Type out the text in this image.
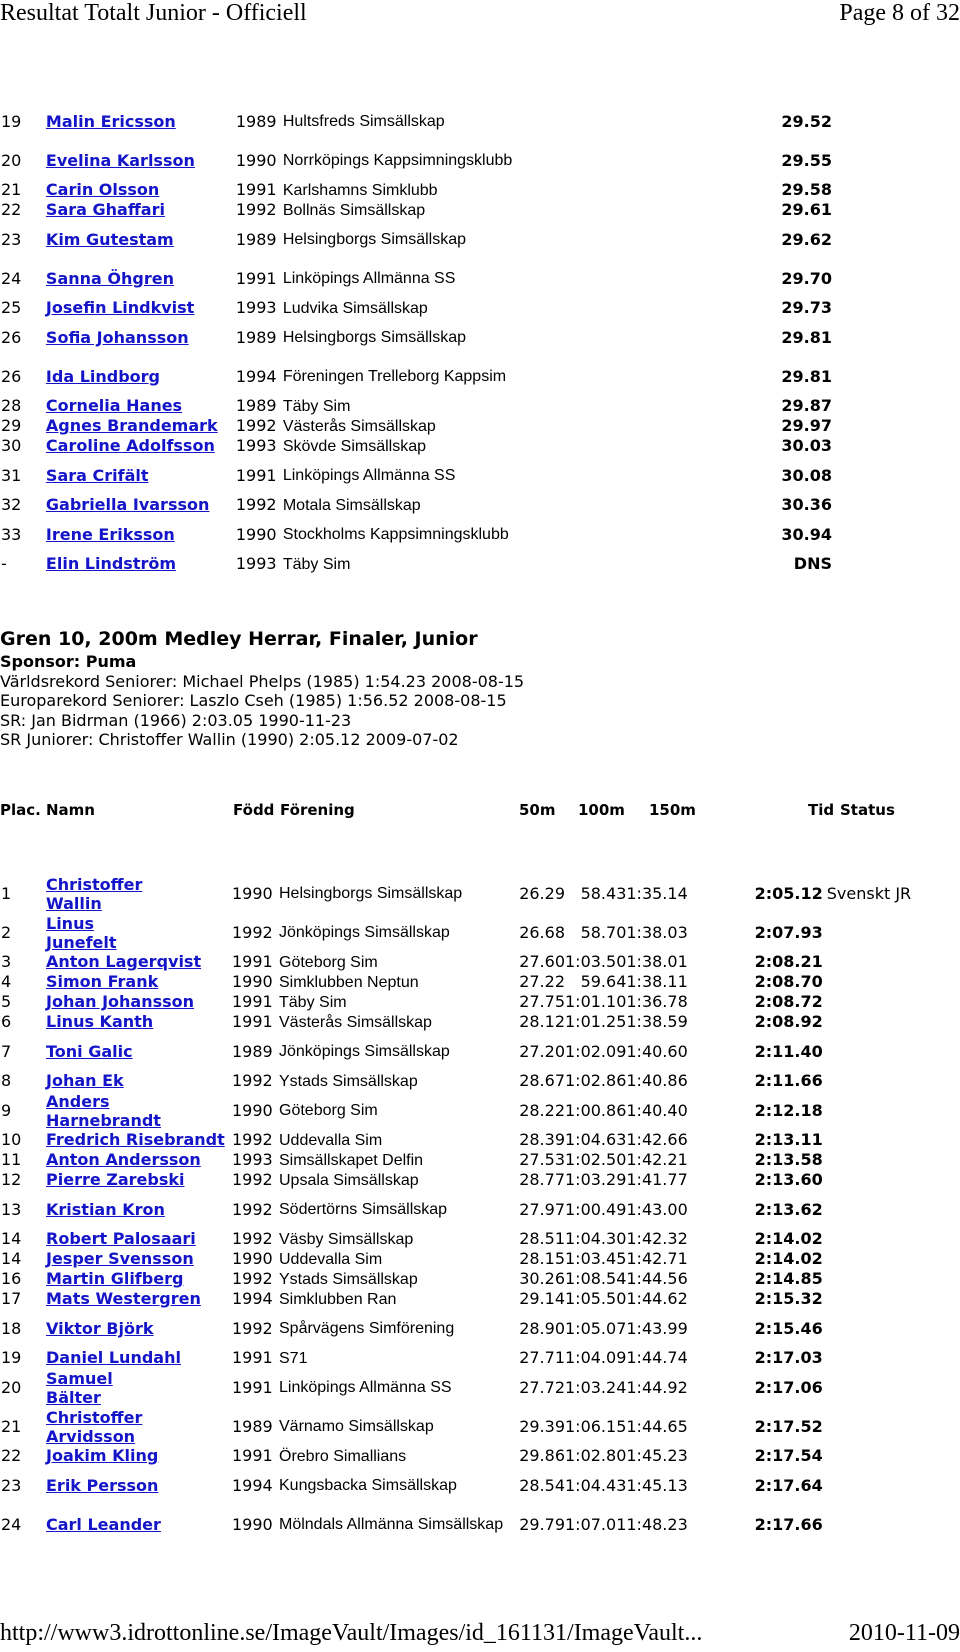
Resultat Totalt Junior - Officiell	Page 8 of 32
19	Malin Ericsson	1989	Hultsfreds Simsällskap		29.52
20	Evelina Karlsson	1990	Norrköpings Kappsimningsklubb		29.55
21	Carin Olsson	1991	Karlshamns Simklubb		29.58
22	Sara Ghaffari	1992	Bollnäs Simsällskap		29.61
23	Kim Gutestam	1989	Helsingborgs Simsällskap		29.62
24	Sanna Öhgren	1991	Linköpings Allmänna SS		29.70
25	Josefin Lindkvist	1993	Ludvika Simsällskap		29.73
26	Sofia Johansson	1989	Helsingborgs Simsällskap		29.81
26	Ida Lindborg	1994	Föreningen Trelleborg Kappsim		29.81
28	Cornelia Hanes	1989	Täby Sim		29.87
29	Agnes Brandemark	1992	Västerås Simsällskap		29.97
30	Caroline Adolfsson	1993	Skövde Simsällskap		30.03
31	Sara Crifält	1991	Linköpings Allmänna SS		30.08
32	Gabriella Ivarsson	1992	Motala Simsällskap		30.36
33	Irene Eriksson	1990	Stockholms Kappsimningsklubb		30.94
-	Elin Lindström	1993	Täby Sim		DNS
Gren 10, 200m Medley Herrar, Finaler, Junior
Sponsor: Puma
Världsrekord Seniorer: Michael Phelps (1985) 1:54.23 2008-08-15
Europarekord Seniorer: Laszlo Cseh (1985) 1:56.52 2008-08-15
SR: Jan Bidrman (1966) 2:03.05 1990-11-23
SR Juniorer: Christoffer Wallin (1990) 2:05.12 2009-07-02
Plac. Namn	Född Förening	50m 100m 150m	Tid Status
1	Christoffer Wallin	1990	Helsingborgs Simsällskap	26.29	58.43	1:35.14	2:05.12	Svenskt JR
2	Linus Junefelt	1992	Jönköpings Simsällskap	26.68	58.70	1:38.03	2:07.93	
3	Anton Lagerqvist	1991	Göteborg Sim	27.60	1:03.50	1:38.01	2:08.21	
4	Simon Frank	1990	Simklubben Neptun	27.22	59.64	1:38.11	2:08.70	
5	Johan Johansson	1991	Täby Sim	27.75	1:01.10	1:36.78	2:08.72	
6	Linus Kanth	1991	Västerås Simsällskap	28.12	1:01.25	1:38.59	2:08.92	
7	Toni Galic	1989	Jönköpings Simsällskap	27.20	1:02.09	1:40.60	2:11.40	
8	Johan Ek	1992	Ystads Simsällskap	28.67	1:02.86	1:40.86	2:11.66	
9	Anders Harnebrandt	1990	Göteborg Sim	28.22	1:00.86	1:40.40	2:12.18	
10	Fredrich Risebrandt	1992	Uddevalla Sim	28.39	1:04.63	1:42.66	2:13.11	
11	Anton Andersson	1993	Simsällskapet Delfin	27.53	1:02.50	1:42.21	2:13.58	
12	Pierre Zarebski	1992	Upsala Simsällskap	28.77	1:03.29	1:41.77	2:13.60	
13	Kristian Kron	1992	Södertörns Simsällskap	27.97	1:00.49	1:43.00	2:13.62	
14	Robert Palosaari	1992	Väsby Simsällskap	28.51	1:04.30	1:42.32	2:14.02	
14	Jesper Svensson	1990	Uddevalla Sim	28.15	1:03.45	1:42.71	2:14.02	
16	Martin Glifberg	1992	Ystads Simsällskap	30.26	1:08.54	1:44.56	2:14.85	
17	Mats Westergren	1994	Simklubben Ran	29.14	1:05.50	1:44.62	2:15.32	
18	Viktor Björk	1992	Spårvägens Simförening	28.90	1:05.07	1:43.99	2:15.46	
19	Daniel Lundahl	1991	S71	27.71	1:04.09	1:44.74	2:17.03	
20	Samuel Bälter	1991	Linköpings Allmänna SS	27.72	1:03.24	1:44.92	2:17.06	
21	Christoffer Arvidsson	1989	Värnamo Simsällskap	29.39	1:06.15	1:44.65	2:17.52	
22	Joakim Kling	1991	Örebro Simallians	29.86	1:02.80	1:45.23	2:17.54	
23	Erik Persson	1994	Kungsbacka Simsällskap	28.54	1:04.43	1:45.13	2:17.64	
24	Carl Leander	1990	Mölndals Allmänna Simsällskap	29.79	1:07.01	1:48.23	2:17.66	
http://www3.idrottonline.se/ImageVault/Images/id_161131/ImageVault...	2010-11-09
